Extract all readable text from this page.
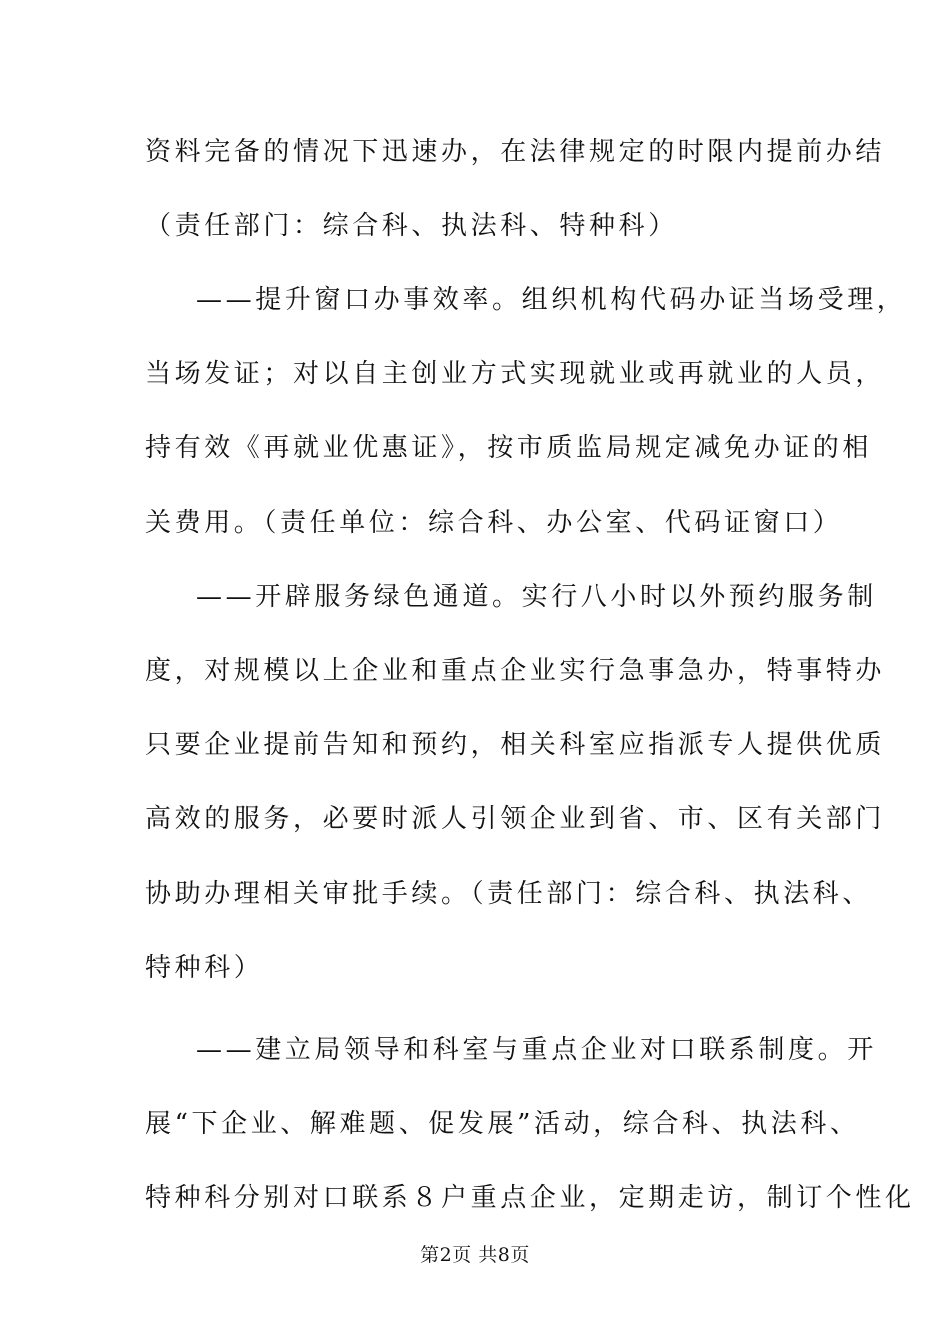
资料完备的情况下迅速办，在法律规定的时限内提前办结
（责任部门：综合科、执法科、特种科）
——提升窗口办事效率。组织机构代码办证当场受理，
当场发证；对以自主创业方式实现就业或再就业的人员，
持有效《再就业优惠证》，按市质监局规定减免办证的相
关费用。（责任单位：综合科、办公室、代码证窗口）
——开辟服务绿色通道。实行八小时以外预约服务制
度，对规模以上企业和重点企业实行急事急办，特事特办
只要企业提前告知和预约，相关科室应指派专人提供优质
高效的服务，必要时派人引领企业到省、市、区有关部门
协助办理相关审批手续。（责任部门：综合科、执法科、
特种科）
——建立局领导和科室与重点企业对口联系制度。开
展“下企业、解难题、促发展”活动，综合科、执法科、
特种科分别对口联系８户重点企业，定期走访，制订个性化
第2页 共8页
